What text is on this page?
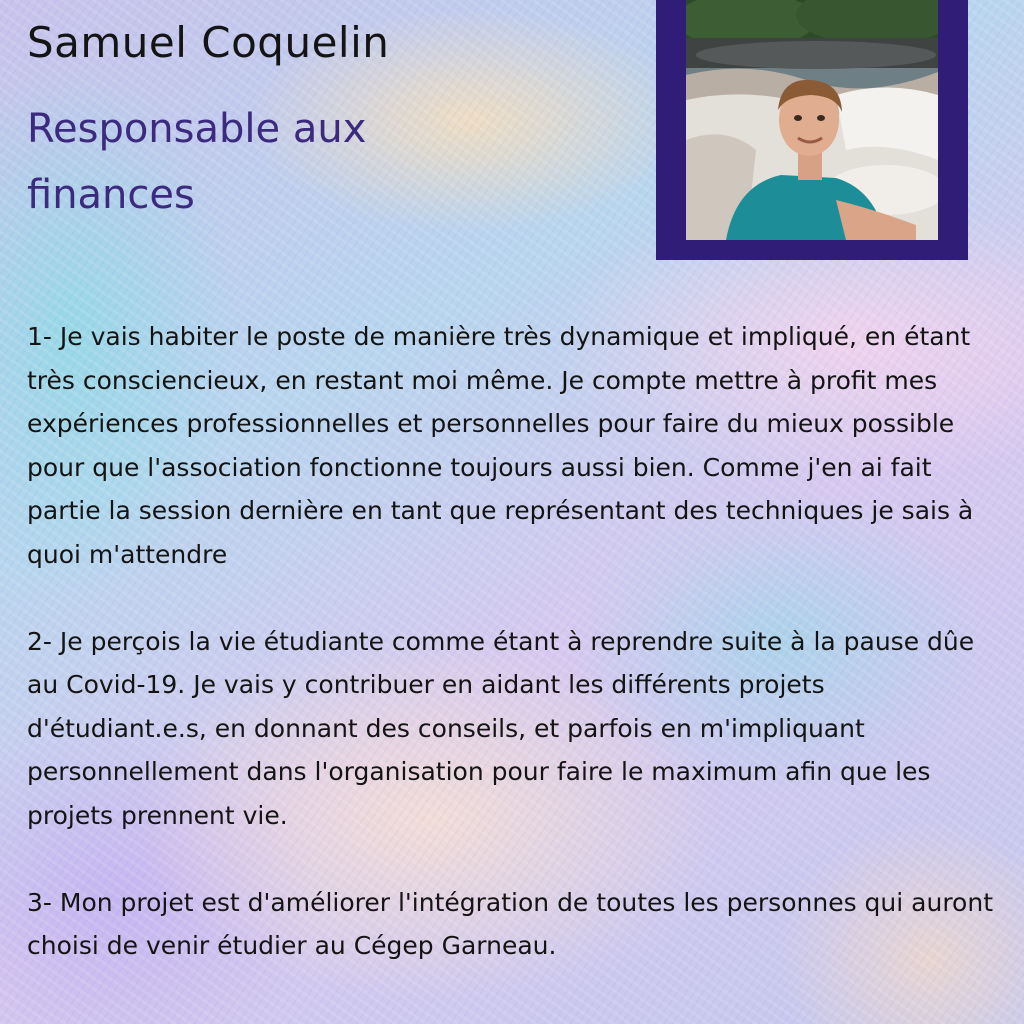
Samuel Coquelin
Responsable aux finances

1- Je vais habiter le poste de manière très dynamique et impliqué, en étant très consciencieux, en restant moi même. Je compte mettre à profit mes expériences professionnelles et personnelles pour faire du mieux possible pour que l'association fonctionne toujours aussi bien. Comme j'en ai fait partie la session dernière en tant que représentant des techniques je sais à quoi m'attendre

2- Je perçois la vie étudiante comme étant à reprendre suite à la pause dûe au Covid-19. Je vais y contribuer en aidant les différents projets d'étudiant.e.s, en donnant des conseils, et parfois en m'impliquant personnellement dans l'organisation pour faire le maximum afin que les projets prennent vie.

3- Mon projet est d'améliorer l'intégration de toutes les personnes qui auront choisi de venir étudier au Cégep Garneau.
